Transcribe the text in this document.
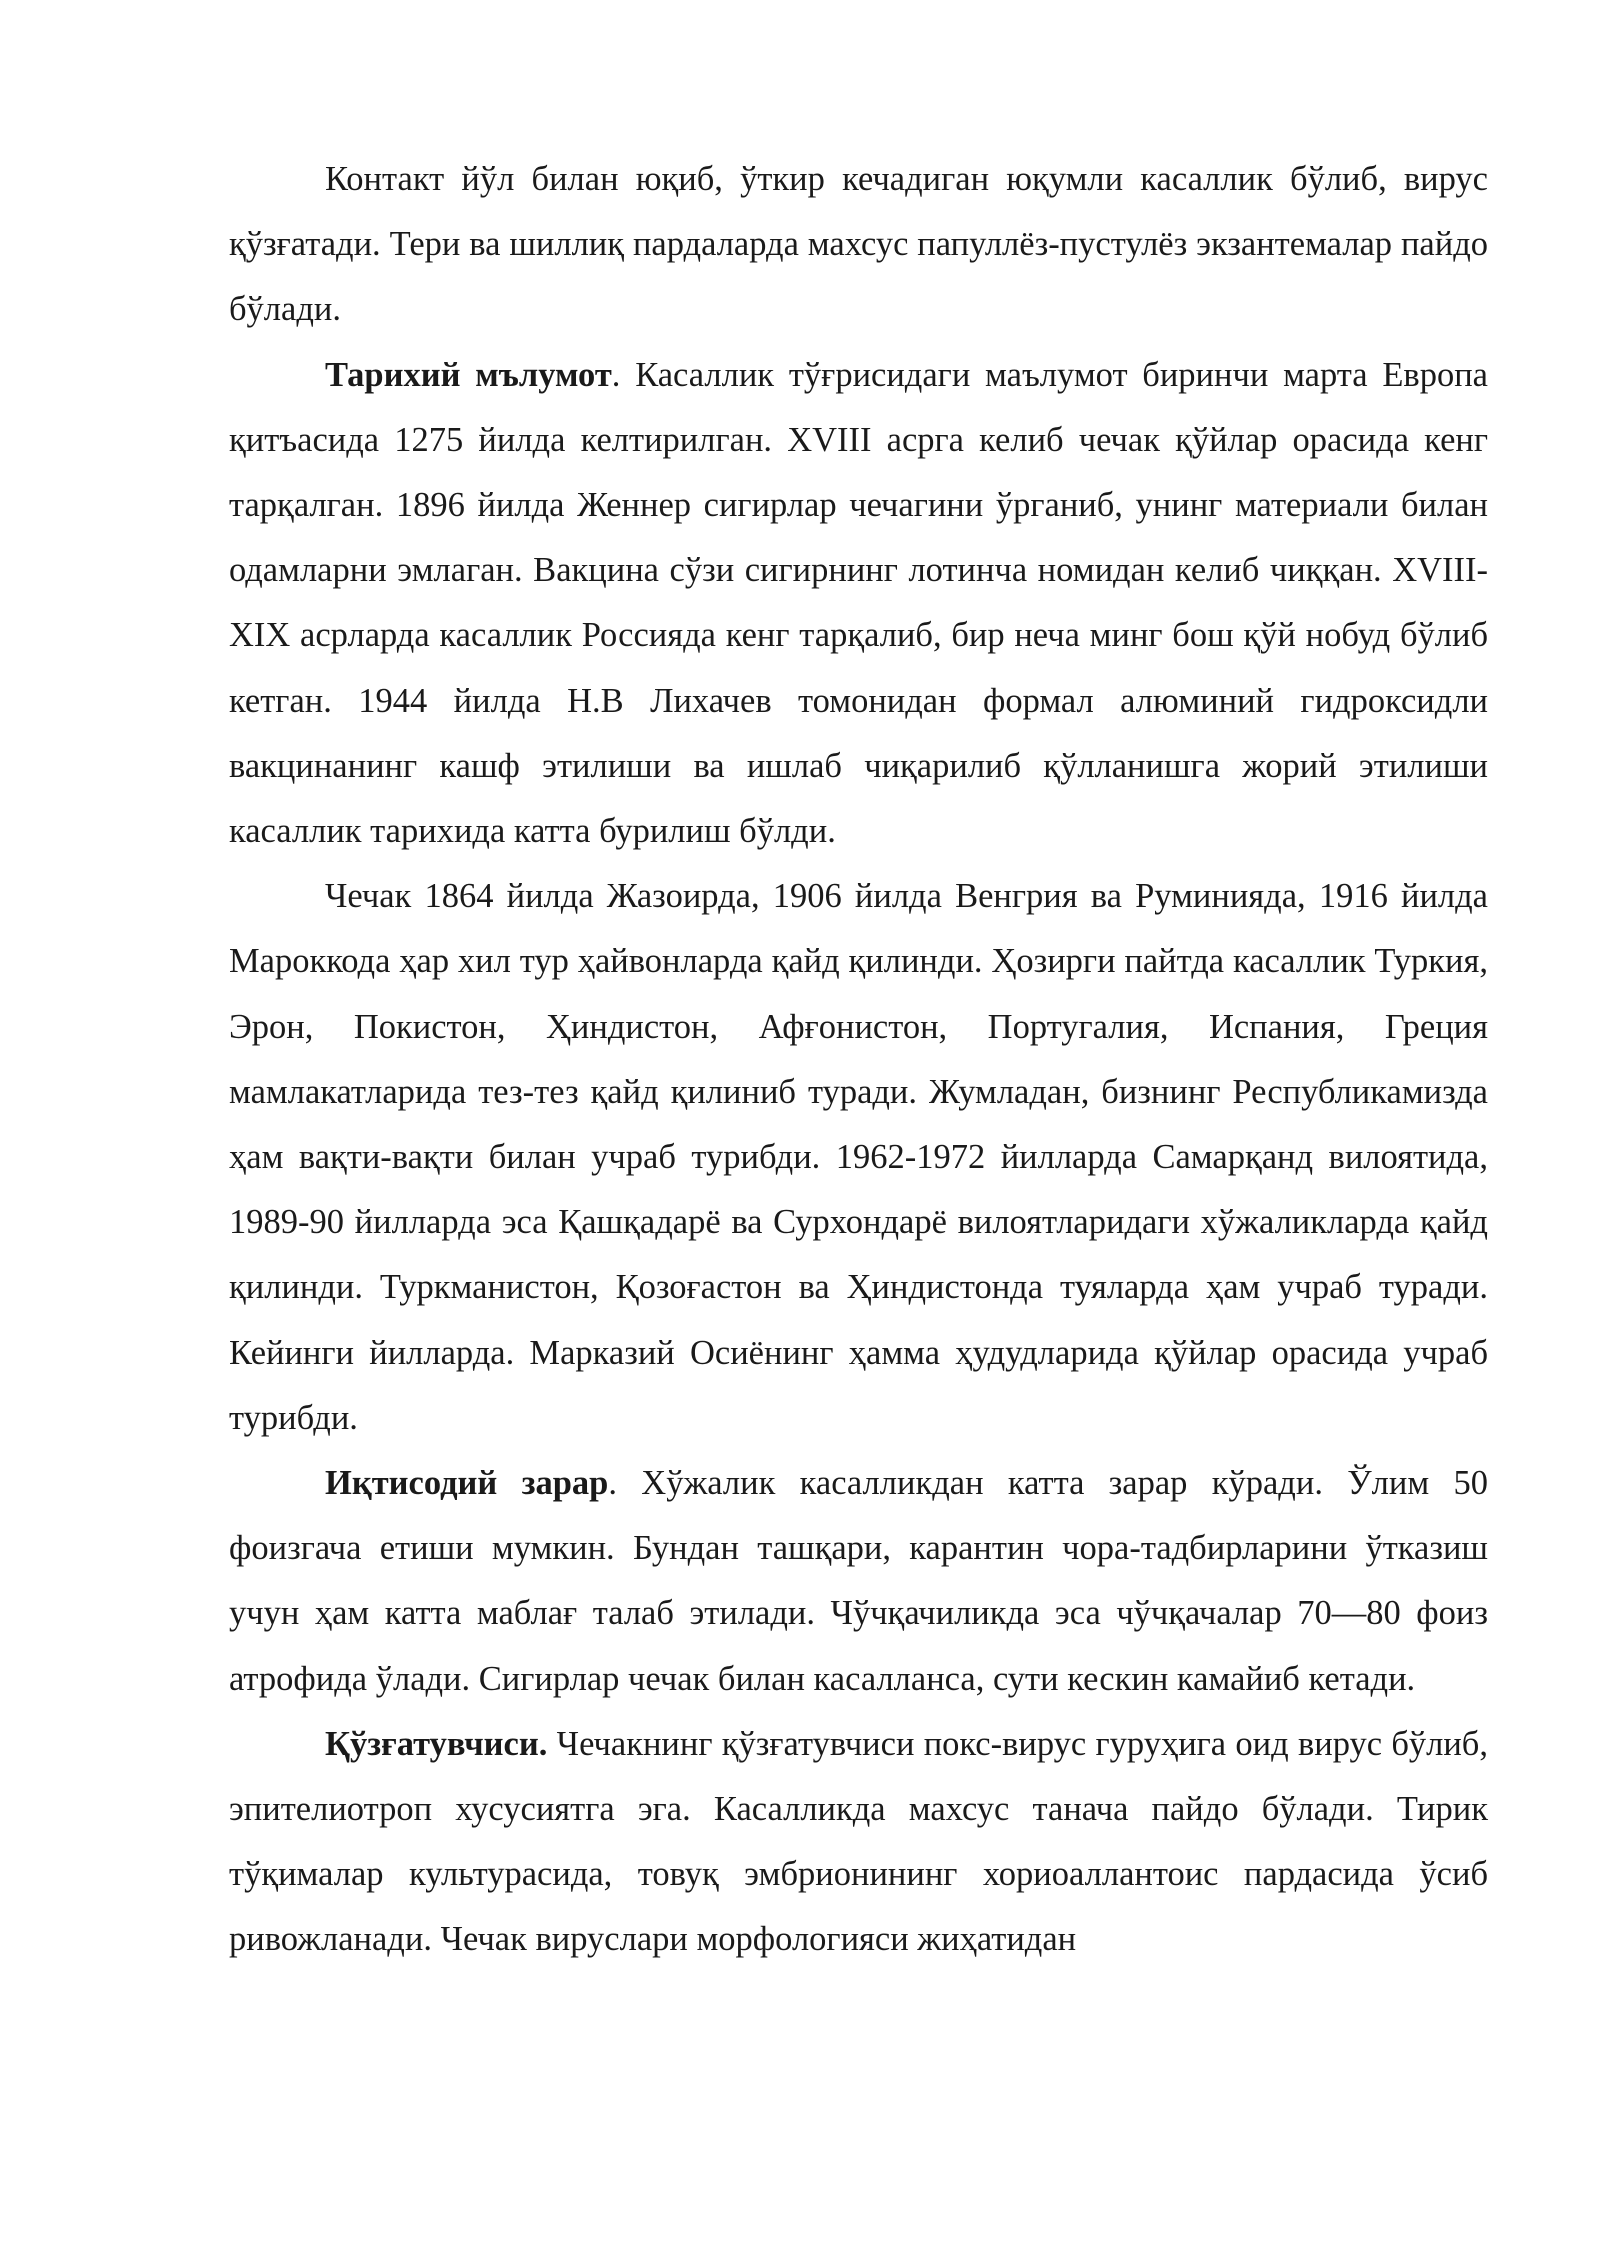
Контакт йўл билан юқиб, ўткир кечадиган юқумли касаллик бўлиб, вирус қўзғатади. Тери ва шиллиқ пардаларда махсус папуллёз-пустулёз экзантемалар пайдо бўлади.

Тарихий мълумот. Касаллик тўғрисидаги маълумот биринчи марта Европа қитъасида 1275 йилда келтирилган. XVIII асрга келиб чечак қўйлар орасида кенг тарқалган. 1896 йилда Женнер сигирлар чечагини ўрганиб, унинг материали билан одамларни эмлаган. Вакцина сўзи сигирнинг лотинча номидан келиб чиққан. XVIII-XIX асрларда касаллик Россияда кенг тарқалиб, бир неча минг бош қўй нобуд бўлиб кетган. 1944 йилда Н.В Лихачев томонидан формал алюминий гидроксидли вакцинанинг кашф этилиши ва ишлаб чиқарилиб қўлланишга жорий этилиши касаллик тарихида катта бурилиш бўлди.

Чечак 1864 йилда Жазоирда, 1906 йилда Венгрия ва Руминияда, 1916 йилда Мароккода ҳар хил тур ҳайвонларда қайд қилинди. Ҳозирги пайтда касаллик Туркия, Эрон, Покистон, Ҳиндистон, Афғонистон, Португалия, Испания, Греция мамлакатларида тез-тез қайд қилиниб туради. Жумладан, бизнинг Республикамизда ҳам вақти-вақти билан учраб турибди. 1962-1972 йилларда Самарқанд вилоятида, 1989-90 йилларда эса Қашқадарё ва Сурхондарё вилоятларидаги хўжаликларда қайд қилинди. Туркманистон, Қозоғастон ва Ҳиндистонда туяларда ҳам учраб туради. Кейинги йилларда. Марказий Осиёнинг ҳамма ҳудудларида қўйлар орасида учраб турибди.

Иқтисодий зарар. Хўжалик касалликдан катта зарар кўради. Ўлим 50 фоизгача етиши мумкин. Бундан ташқари, карантин чора-тадбирларини ўтказиш учун ҳам катта маблағ талаб этилади. Чўчқачиликда эса чўчқачалар 70—80 фоиз атрофида ўлади. Сигирлар чечак билан касалланса, сути кескин камайиб кетади.

Қўзғатувчиси. Чечакнинг қўзғатувчиси покс-вирус гуруҳига оид вирус бўлиб, эпителиотроп хусусиятга эга. Касалликда махсус танача пайдо бўлади. Тирик тўқималар культурасида, товуқ эмбрионининг хориоаллантоис пардасида ўсиб ривожланади. Чечак вируслари морфологияси жиҳатидан
